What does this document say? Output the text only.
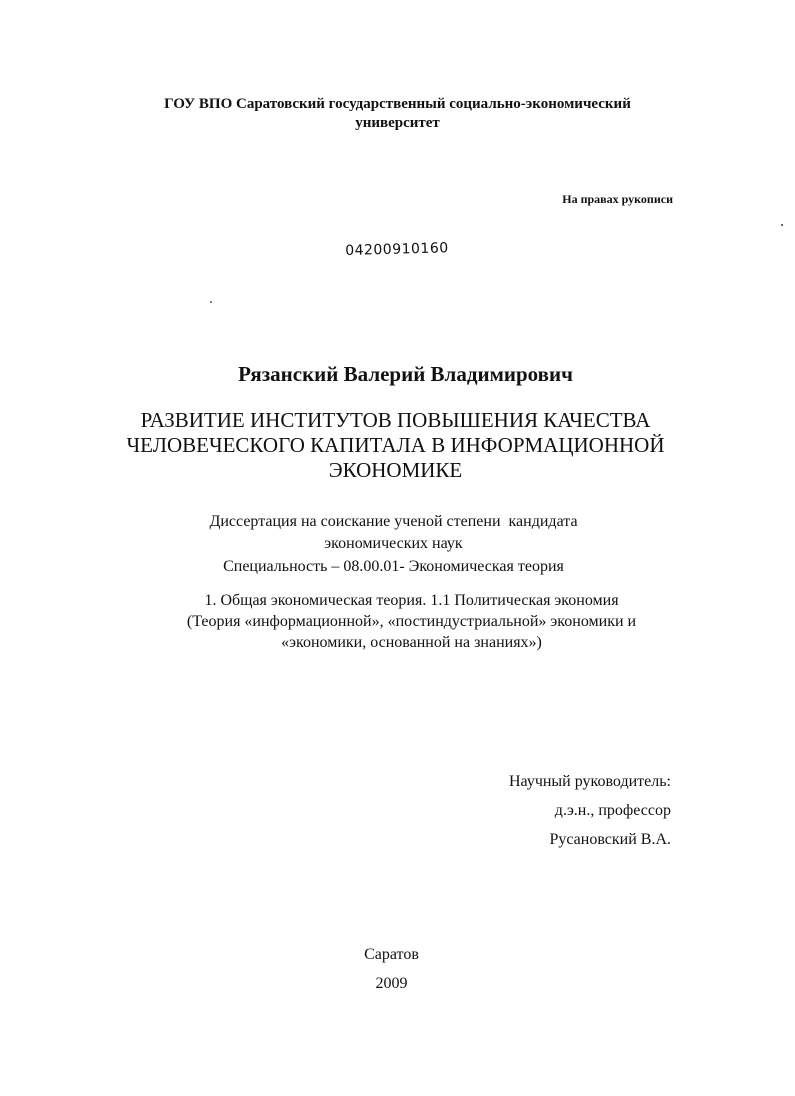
ГОУ ВПО Саратовский государственный социально-экономический
университет
На правах рукописи
04200910160
Рязанский Валерий Владимирович
РАЗВИТИЕ ИНСТИТУТОВ ПОВЫШЕНИЯ КАЧЕСТВА
ЧЕЛОВЕЧЕСКОГО КАПИТАЛА В ИНФОРМАЦИОННОЙ
ЭКОНОМИКЕ
Диссертация на соискание ученой степени  кандидата
экономических наук
Специальность – 08.00.01- Экономическая теория
1. Общая экономическая теория. 1.1 Политическая экономия
(Теория «информационной», «постиндустриальной» экономики и
«экономики, основанной на знаниях»)
Научный руководитель:
д.э.н., профессор
Русановский В.А.
Саратов
2009
